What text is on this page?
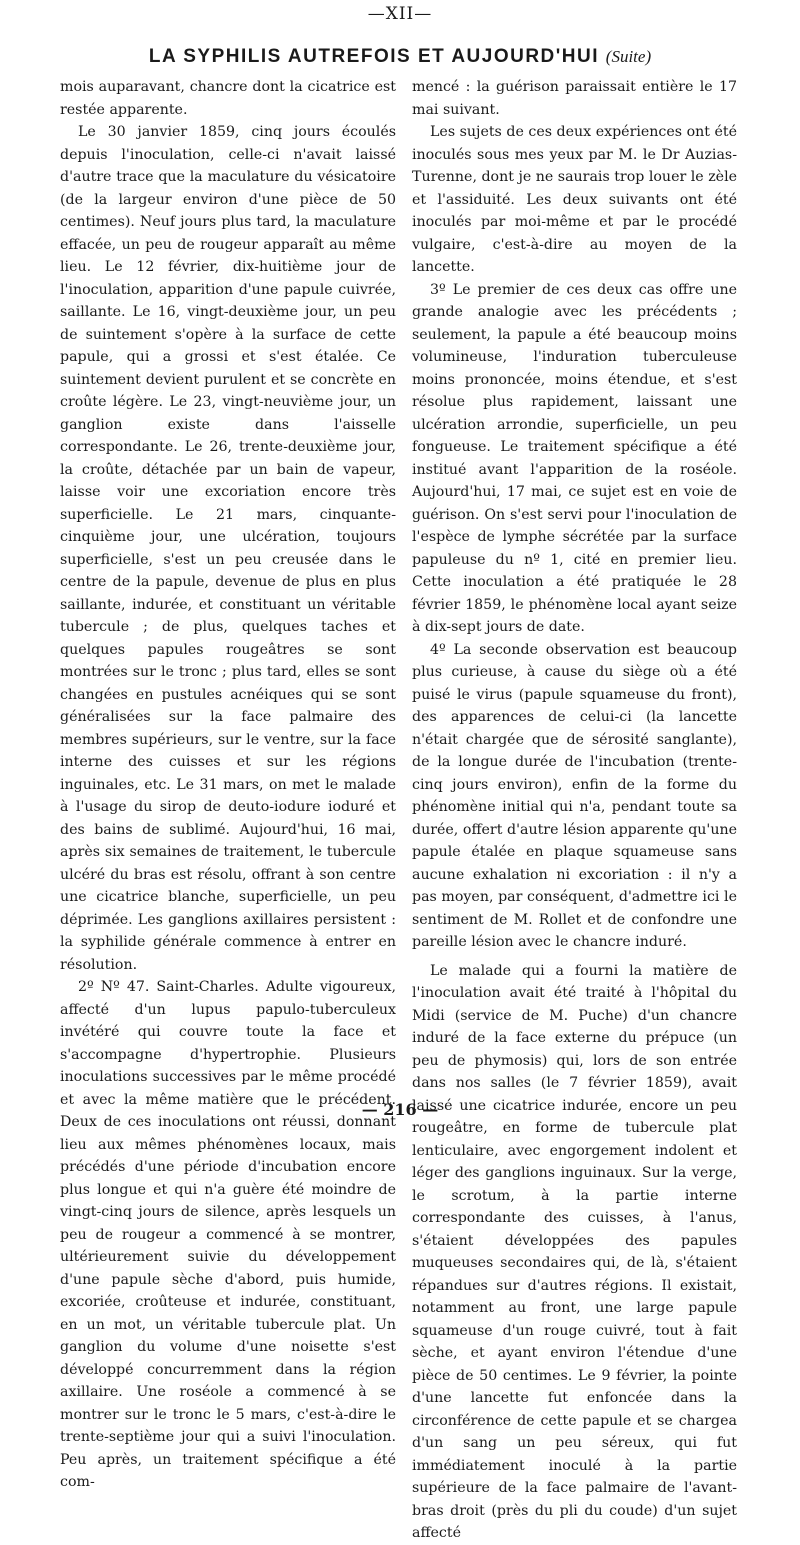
—XII—
LA SYPHILIS AUTREFOIS ET AUJOURD'HUI (Suite)

mois auparavant, chancre dont la cicatrice est restée apparente.

Le 30 janvier 1859, cinq jours écoulés depuis l'inoculation, celle-ci n'avait laissé d'autre trace que la maculature du vésicatoire (de la largeur environ d'une pièce de 50 centimes). Neuf jours plus tard, la maculature effacée, un peu de rougeur apparaît au même lieu. Le 12 février, dix-huitième jour de l'inoculation, apparition d'une papule cuivrée, saillante. Le 16, vingt-deuxième jour, un peu de suintement s'opère à la surface de cette papule, qui a grossi et s'est étalée. Ce suintement devient purulent et se concrète en croûte légère. Le 23, vingt-neuvième jour, un ganglion existe dans l'aisselle correspondante. Le 26, trente-deuxième jour, la croûte, détachée par un bain de vapeur, laisse voir une excoriation encore très superficielle. Le 21 mars, cinquante-cinquième jour, une ulcération, toujours superficielle, s'est un peu creusée dans le centre de la papule, devenue de plus en plus saillante, indurée, et constituant un véritable tubercule ; de plus, quelques taches et quelques papules rougeâtres se sont montrées sur le tronc ; plus tard, elles se sont changées en pustules acnéiques qui se sont généralisées sur la face palmaire des membres supérieurs, sur le ventre, sur la face interne des cuisses et sur les régions inguinales, etc. Le 31 mars, on met le malade à l'usage du sirop de deuto-iodure ioduré et des bains de sublimé. Aujourd'hui, 16 mai, après six semaines de traitement, le tubercule ulcéré du bras est résolu, offrant à son centre une cicatrice blanche, superficielle, un peu déprimée. Les ganglions axillaires persistent : la syphilide générale commence à entrer en résolution.

2º Nº 47. Saint-Charles. Adulte vigoureux, affecté d'un lupus papulo-tuberculeux invétéré qui couvre toute la face et s'accompagne d'hypertrophie. Plusieurs inoculations successives par le même procédé et avec la même matière que le précédent. Deux de ces inoculations ont réussi, donnant lieu aux mêmes phénomènes locaux, mais précédés d'une période d'incubation encore plus longue et qui n'a guère été moindre de vingt-cinq jours de silence, après lesquels un peu de rougeur a commencé à se montrer, ultérieurement suivie du développement d'une papule sèche d'abord, puis humide, excoriée, croûteuse et indurée, constituant, en un mot, un véritable tubercule plat. Un ganglion du volume d'une noisette s'est développé concurremment dans la région axillaire. Une roséole a commencé à se montrer sur le tronc le 5 mars, c'est-à-dire le trente-septième jour qui a suivi l'inoculation. Peu après, un traitement spécifique a été com-

mencé : la guérison paraissait entière le 17 mai suivant.

Les sujets de ces deux expériences ont été inoculés sous mes yeux par M. le Dr Auzias-Turenne, dont je ne saurais trop louer le zèle et l'assiduité. Les deux suivants ont été inoculés par moi-même et par le procédé vulgaire, c'est-à-dire au moyen de la lancette.

3º Le premier de ces deux cas offre une grande analogie avec les précédents ; seulement, la papule a été beaucoup moins volumineuse, l'induration tuberculeuse moins prononcée, moins étendue, et s'est résolue plus rapidement, laissant une ulcération arrondie, superficielle, un peu fongueuse. Le traitement spécifique a été institué avant l'apparition de la roséole. Aujourd'hui, 17 mai, ce sujet est en voie de guérison. On s'est servi pour l'inoculation de l'espèce de lymphe sécrétée par la surface papuleuse du nº 1, cité en premier lieu. Cette inoculation a été pratiquée le 28 février 1859, le phénomène local ayant seize à dix-sept jours de date.

4º La seconde observation est beaucoup plus curieuse, à cause du siège où a été puisé le virus (papule squameuse du front), des apparences de celui-ci (la lancette n'était chargée que de sérosité sanglante), de la longue durée de l'incubation (trente-cinq jours environ), enfin de la forme du phénomène initial qui n'a, pendant toute sa durée, offert d'autre lésion apparente qu'une papule étalée en plaque squameuse sans aucune exhalation ni excoriation : il n'y a pas moyen, par conséquent, d'admettre ici le sentiment de M. Rollet et de confondre une pareille lésion avec le chancre induré.

Le malade qui a fourni la matière de l'inoculation avait été traité à l'hôpital du Midi (service de M. Puche) d'un chancre induré de la face externe du prépuce (un peu de phymosis) qui, lors de son entrée dans nos salles (le 7 février 1859), avait laissé une cicatrice indurée, encore un peu rougeâtre, en forme de tubercule plat lenticulaire, avec engorgement indolent et léger des ganglions inguinaux. Sur la verge, le scrotum, à la partie interne correspondante des cuisses, à l'anus, s'étaient développées des papules muqueuses secondaires qui, de là, s'étaient répandues sur d'autres régions. Il existait, notamment au front, une large papule squameuse d'un rouge cuivré, tout à fait sèche, et ayant environ l'étendue d'une pièce de 50 centimes. Le 9 février, la pointe d'une lancette fut enfoncée dans la circonférence de cette papule et se chargea d'un sang un peu séreux, qui fut immédiatement inoculé à la partie supérieure de la face palmaire de l'avant-bras droit (près du pli du coude) d'un sujet affecté

— 216 —
